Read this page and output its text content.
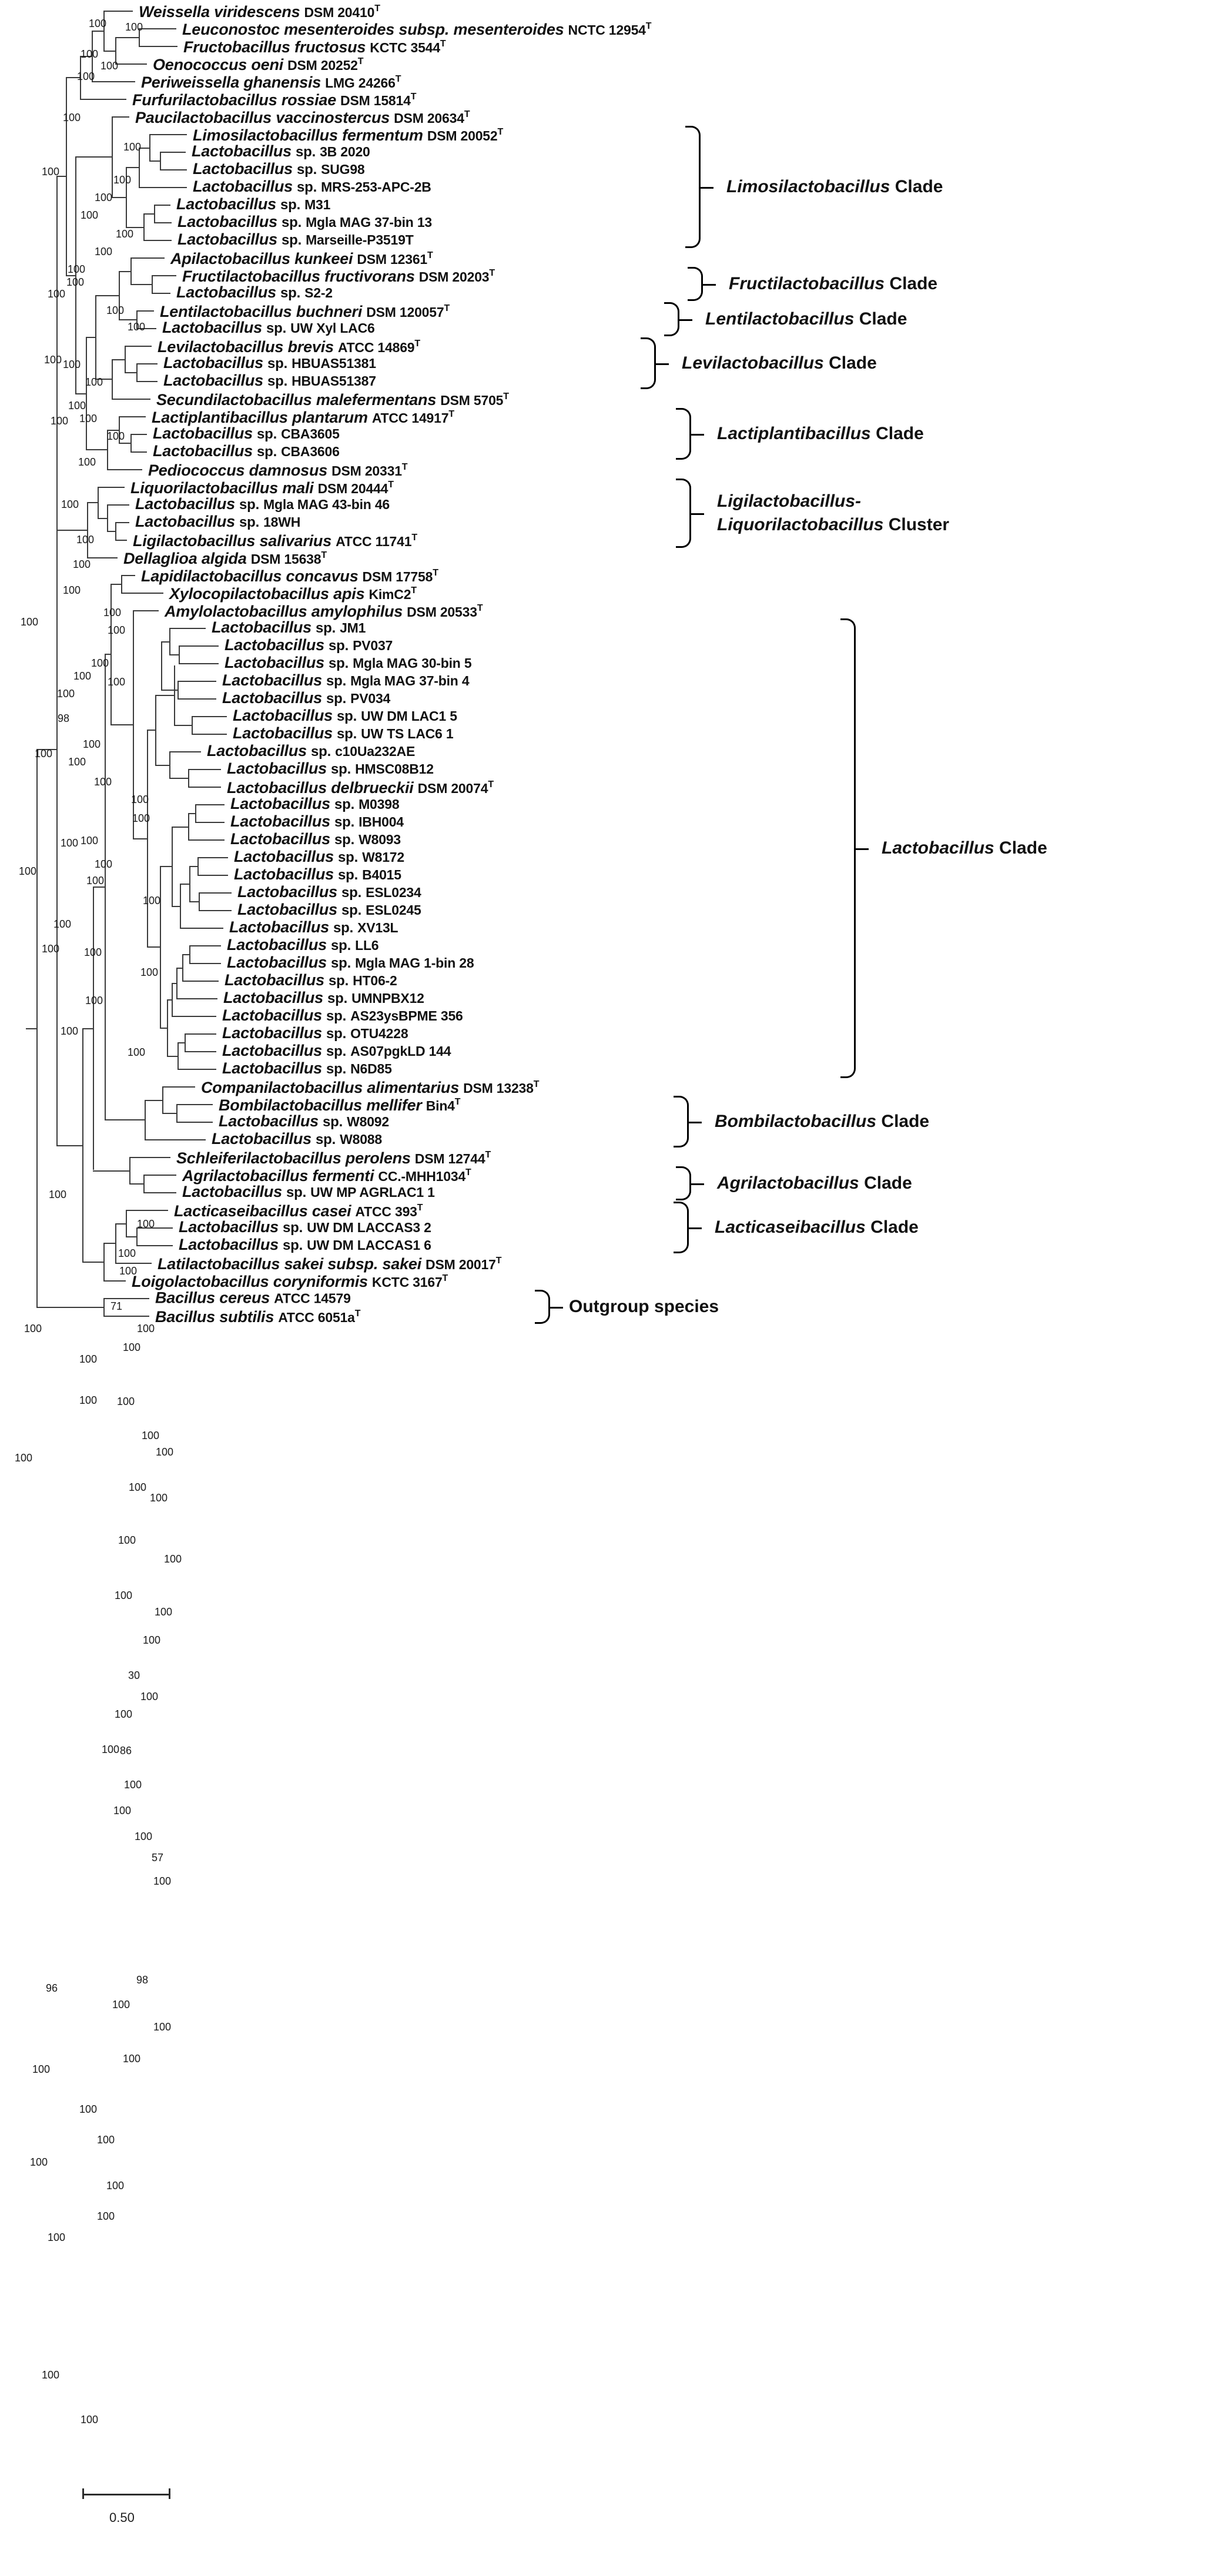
Weissella viridescens DSM $20410^T$
Leuconostoc mesenteroides subsp. mesenteroides NCTC $12954^T$
Fructobacillus fructosus KCTC $3544^T$
Oenococcus oeni DSM $20252^T$
Periweissella ghanensis LMG $24266^T$
Furfurilactobacillus rossiae DSM $15814^T$
Paucilactobacillus vaccinostercus DSM $20634^T$
Limosilactobacillus fermentum DSM $20052^T$
Lactobacillus sp. 3B 2020
Lactobacillus sp. SUG98
Lactobacillus sp. MRS-253-APC-2B
Lactobacillus sp. M31
Lactobacillus sp. Mgla MAG 37-bin 13
Lactobacillus sp. Marseille-P3519T
Apilactobacillus kunkeei DSM $12361^T$
Fructilactobacillus fructivorans DSM $20203^T$
Lactobacillus sp. S2-2
Lentilactobacillus buchneri DSM $120057^T$
Lactobacillus sp. UW Xyl LAC6
Levilactobacillus brevis ATCC $14869^T$
Lactobacillus sp. HBUAS51381
Lactobacillus sp. HBUAS51387
Secundilactobacillus malefermentans DSM $5705^T$
Lactiplantibacillus plantarum ATCC $14917^T$
Lactobacillus sp. CBA3605
Lactobacillus sp. CBA3606
Pediococcus damnosus DSM $20331^T$
Liquorilactobacillus mali DSM $20444^T$
Lactobacillus sp. Mgla MAG 43-bin 46
Lactobacillus sp. 18WH
Ligilactobacillus salivarius ATCC $11741^T$
Dellaglioa algida DSM $15638^T$
Lapidilactobacillus concavus DSM $17758^T$
Xylocopilactobacillus apis $KimC2^T$
Amylolactobacillus amylophilus DSM $20533^T$
Lactobacillus sp. JM1
Lactobacillus sp. PV037
Lactobacillus sp. Mgla MAG 30-bin 5
Lactobacillus sp. Mgla MAG 37-bin 4
Lactobacillus sp. PV034
Lactobacillus sp. UW DM LAC1 5
Lactobacillus sp. UW TS LAC6 1
Lactobacillus sp. c10Ua232AE
Lactobacillus sp. HMSC08B12
Lactobacillus delbrueckii DSM $20074^T$
Lactobacillus sp. M0398
Lactobacillus sp. IBH004
Lactobacillus sp. W8093
Lactobacillus sp. W8172
Lactobacillus sp. B4015
Lactobacillus sp. ESL0234
Lactobacillus sp. ESL0245
Lactobacillus sp. XV13L
Lactobacillus sp. LL6
Lactobacillus sp. Mgla MAG 1-bin 28
Lactobacillus sp. HT06-2
Lactobacillus sp. UMNPBX12
Lactobacillus sp. AS23ysBPME 356
Lactobacillus sp. OTU4228
Lactobacillus sp. AS07pgkLD 144
Lactobacillus sp. N6D85
Companilactobacillus alimentarius DSM $13238^T$
Bombilactobacillus mellifer $Bin4^T$
Lactobacillus sp. W8092
Lactobacillus sp. W8088
Schleiferilactobacillus perolens DSM $12744^T$
Agrilactobacillus fermenti $CC.-MHH1034^T$
Lactobacillus sp. UW MP AGRLAC1 1
Lacticaseibacillus casei ATCC $393^T$
Lactobacillus sp. UW DM LACCAS3 2
Lactobacillus sp. UW DM LACCAS1 6
Latilactobacillus sakei subsp. sakei DSM $20017^T$
Loigolactobacillus coryniformis KCTC $3167^T$
Bacillus cereus ATCC 14579
Bacillus subtilis ATCC $6051a^T$
100 100
100
100
100
100
100
100
100
100
100
100
100
100
100
100
100
100
100
100
100
100
100
100
100
100
100
100
100
100
100
100
100
100
100
100
100
98
100
100
100
100
100
100
100
100
100
100
100
100
100 100
100
100
100
100
100
100
100
100
71
100
100
100
100 100
100
100
100
100
100
100
100
100
100
30
100
100
100 86
100
100
100
57
100
98
96
100
100
100
100
100
100
100
100
100
100
100
100
100
100
100
Limosilactobacillus Clade
Fructilactobacillus Clade
Lentilactobacillus Clade
Levilactobacillus Clade
Lactiplantibacillus Clade
Ligilactobacillus-
Liquorilactobacillus Cluster
Lactobacillus Clade
Bombilactobacillus Clade
Agrilactobacillus Clade
Lacticaseibacillus Clade
Outgroup species
0.50
